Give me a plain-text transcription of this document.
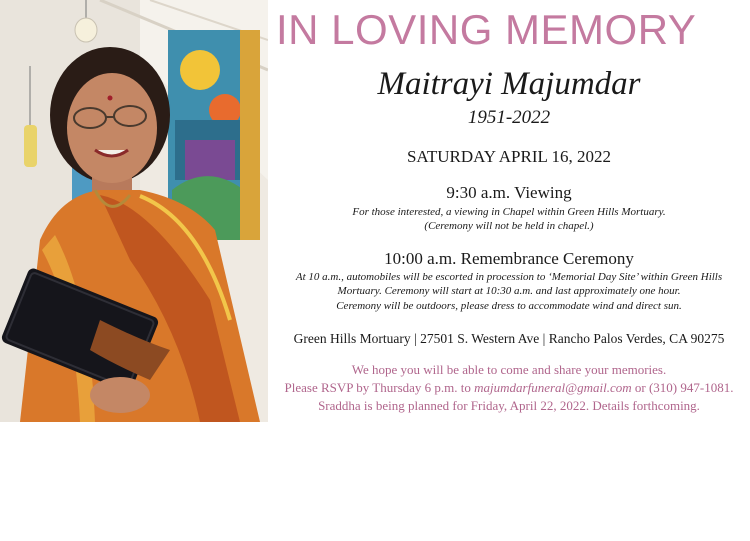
IN LOVING MEMORY
Maitrayi Majumdar
1951-2022
SATURDAY APRIL 16, 2022
9:30 a.m. Viewing
For those interested, a viewing in Chapel within Green Hills Mortuary.
(Ceremony will not be held in chapel.)
10:00 a.m. Remembrance Ceremony
At 10 a.m., automobiles will be escorted in procession to ‘Memorial Day Site’ within Green Hills
Mortuary. Ceremony will start at 10:30 a.m. and last approximately one hour.
Ceremony will be outdoors, please dress to accommodate wind and direct sun.
Green Hills Mortuary | 27501 S. Western Ave | Rancho Palos Verdes, CA 90275
We hope you will be able to come and share your memories.
Please RSVP by Thursday 6 p.m. to majumdarfuneral@gmail.com or (310) 947-1081.
Sraddha is being planned for Friday, April 22, 2022. Details forthcoming.
